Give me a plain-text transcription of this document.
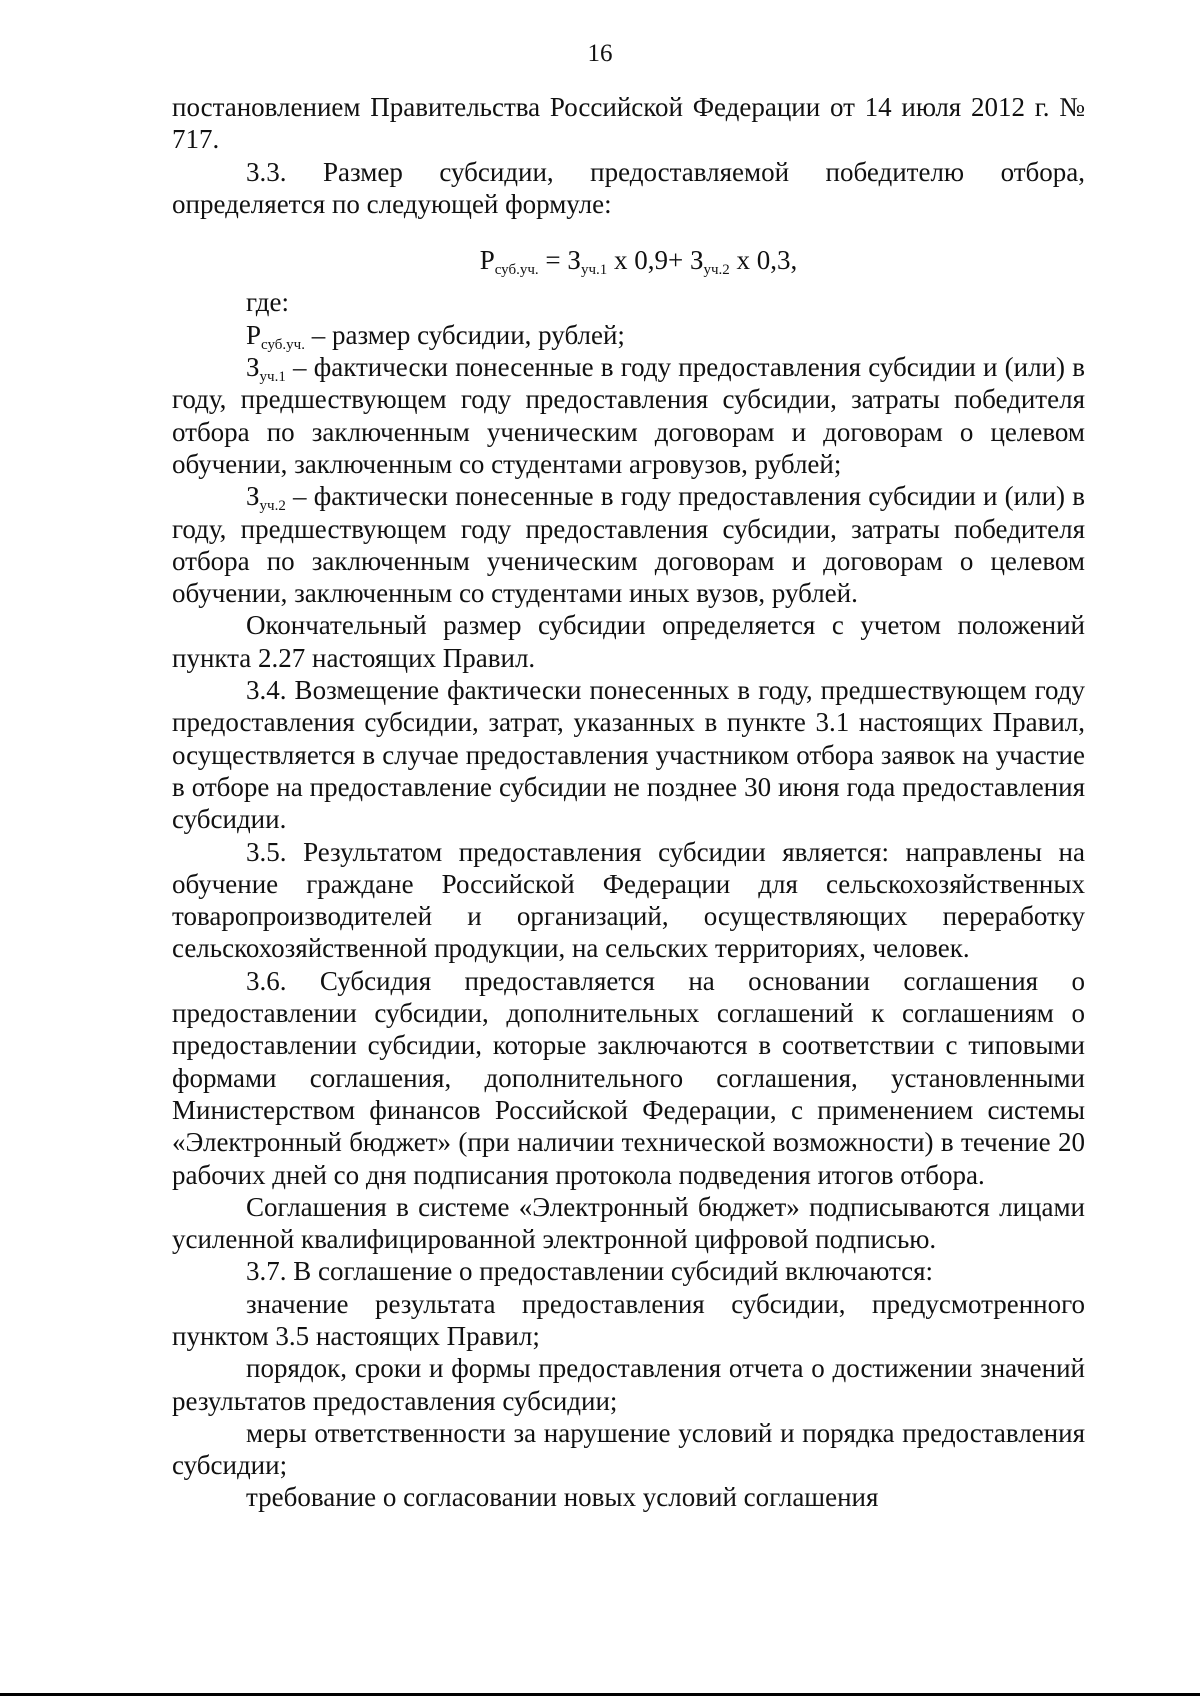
16

постановлением Правительства Российской Федерации от 14 июля 2012 г. № 717.

3.3. Размер субсидии, предоставляемой победителю отбора, определяется по следующей формуле:

$Р_{суб.уч.} = З_{уч.1}$ х $0,9+ З_{уч.2}$ х 0,3,

где:

$Р_{суб.уч.}$ – размер субсидии, рублей;

$З_{уч.1}$ – фактически понесенные в году предоставления субсидии и (или) в году, предшествующем году предоставления субсидии, затраты победителя отбора по заключенным ученическим договорам и договорам о целевом обучении, заключенным со студентами агровузов, рублей;

$З_{уч.2}$ – фактически понесенные в году предоставления субсидии и (или) в году, предшествующем году предоставления субсидии, затраты победителя отбора по заключенным ученическим договорам и договорам о целевом обучении, заключенным со студентами иных вузов, рублей.

Окончательный размер субсидии определяется с учетом положений пункта 2.27 настоящих Правил.

3.4. Возмещение фактически понесенных в году, предшествующем году предоставления субсидии, затрат, указанных в пункте 3.1 настоящих Правил, осуществляется в случае предоставления участником отбора заявок на участие в отборе на предоставление субсидии не позднее 30 июня года предоставления субсидии.

3.5. Результатом предоставления субсидии является: направлены на обучение граждане Российской Федерации для сельскохозяйственных товаропроизводителей и организаций, осуществляющих переработку сельскохозяйственной продукции, на сельских территориях, человек.

3.6. Субсидия предоставляется на основании соглашения о предоставлении субсидии, дополнительных соглашений к соглашениям о предоставлении субсидии, которые заключаются в соответствии с типовыми формами соглашения, дополнительного соглашения, установленными Министерством финансов Российской Федерации, с применением системы «Электронный бюджет» (при наличии технической возможности) в течение 20 рабочих дней со дня подписания протокола подведения итогов отбора.

Соглашения в системе «Электронный бюджет» подписываются лицами усиленной квалифицированной электронной цифровой подписью.

3.7. В соглашение о предоставлении субсидий включаются:

значение результата предоставления субсидии, предусмотренного пунктом 3.5 настоящих Правил;

порядок, сроки и формы предоставления отчета о достижении значений результатов предоставления субсидии;

меры ответственности за нарушение условий и порядка предоставления субсидии;

требование о согласовании новых условий соглашения
